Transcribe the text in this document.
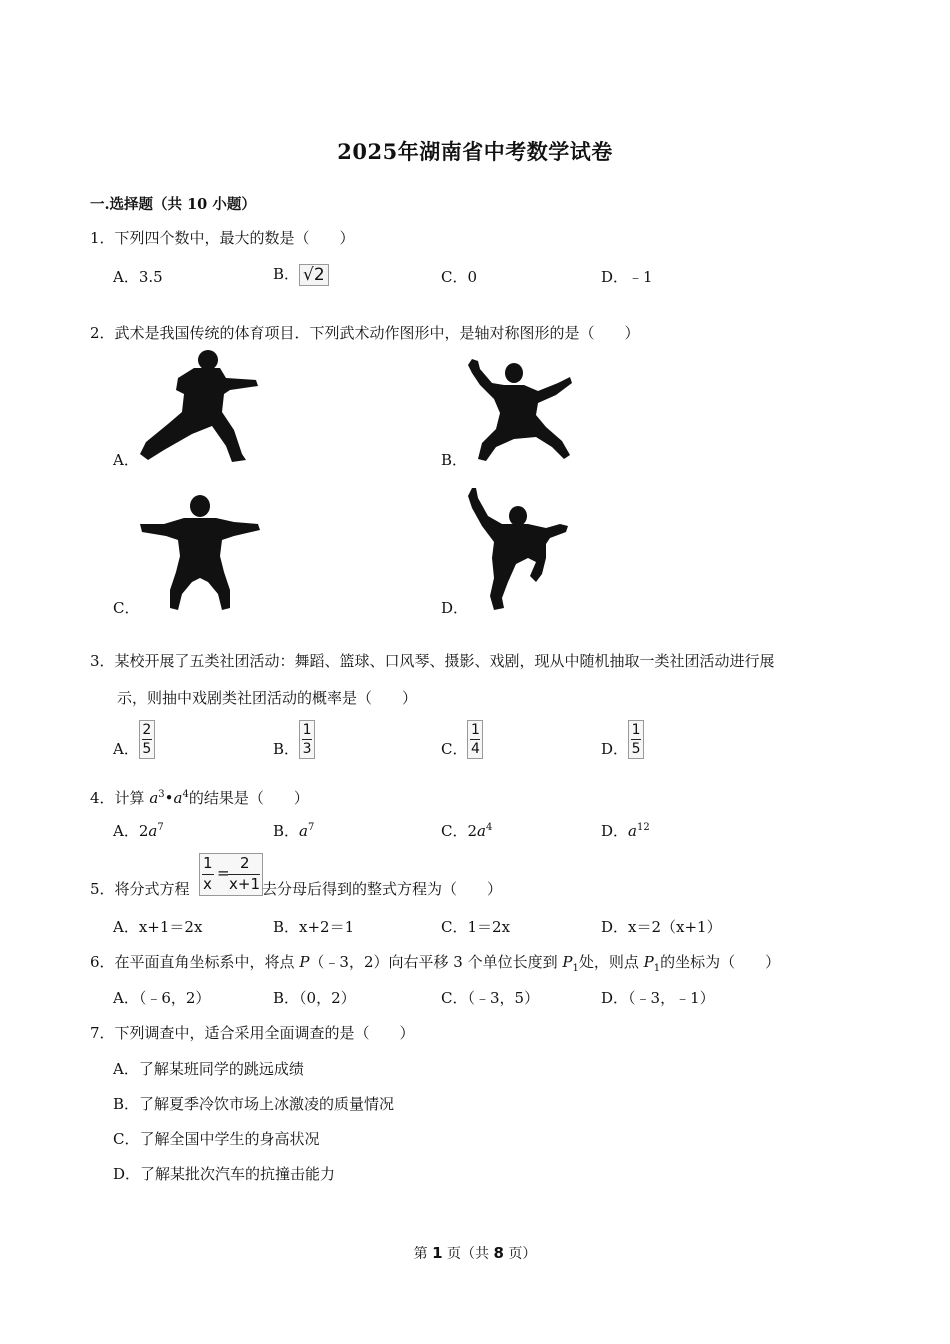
2025年湖南省中考数学试卷
一.选择题（共 10 小题）
1．下列四个数中，最大的数是（　　）
A．3.5	B． √2	C．0	D．﹣1
2．武术是我国传统的体育项目．下列武术动作图形中，是轴对称图形的是（　　）
A．	B．
C．	D．
3．某校开展了五类社团活动：舞蹈、篮球、口风琴、摄影、戏剧，现从中随机抽取一类社团活动进行展
示，则抽中戏剧类社团活动的概率是（　　）
A． $\frac{2}{5}$	B． $\frac{1}{3}$	C． $\frac{1}{4}$	D． $\frac{1}{5}$
4．计算 $a^3•a^4$的结果是（　　）
A．$2a^7$	B．$a^7$	C．$2a^4$	D．$a^{12}$
5．将分式方程
1
x
=
2
x+1 去分母后得到的整式方程为（　　）
A．x+1＝2x	B．x+2＝1	C．1＝2x	D．x＝2（x+1）
6．在平面直角坐标系中，将点 P（﹣3，2）向右平移 3 个单位长度到 $P_1$处，则点 $P_1$的坐标为（　　）
A．（﹣6，2）	B．（0，2）	C．（﹣3，5）	D．（﹣3，﹣1）
7．下列调查中，适合采用全面调查的是（　　）
A．了解某班同学的跳远成绩
B．了解夏季冷饮市场上冰激凌的质量情况
C．了解全国中学生的身高状况
D．了解某批次汽车的抗撞击能力
第 1 页（共 8 页）
